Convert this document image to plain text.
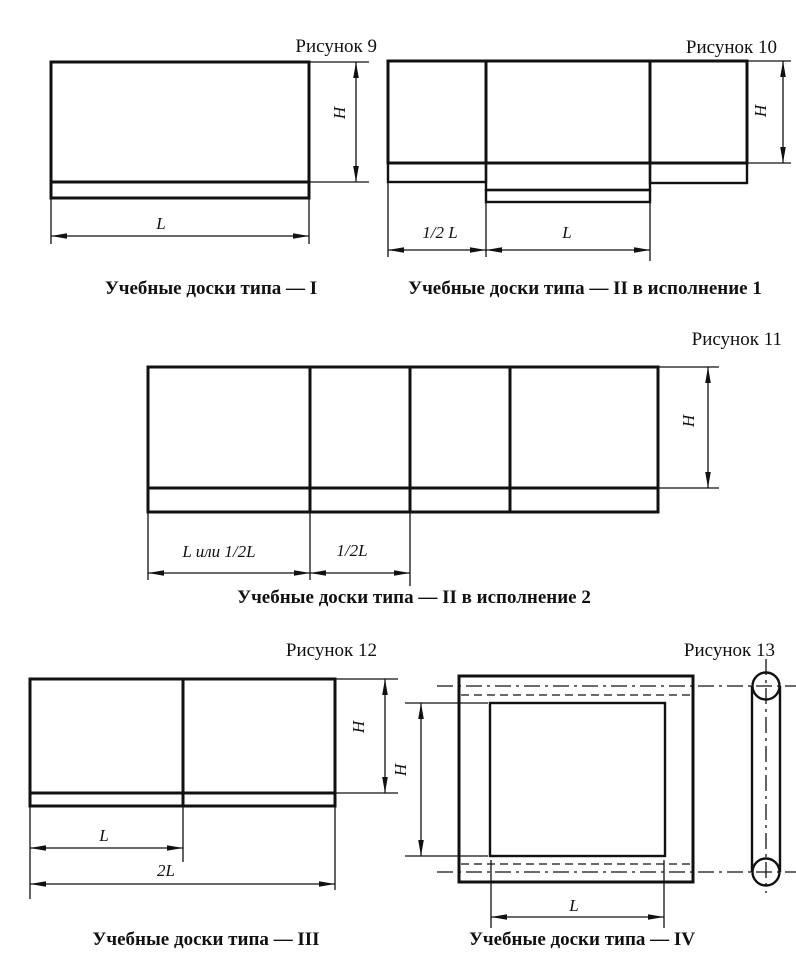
Рисунок 9
H
L
Учебные доски типа — I
Рисунок 10
H
1/2 L	L
Учебные доски типа — II в исполнение 1
Рисунок 11
H
L или 1/2L	1/2L
Учебные доски типа — II в исполнение 2
Рисунок 12
H
L
2L
Учебные доски типа — III
Рисунок 13
H
L
Учебные доски типа — IV
